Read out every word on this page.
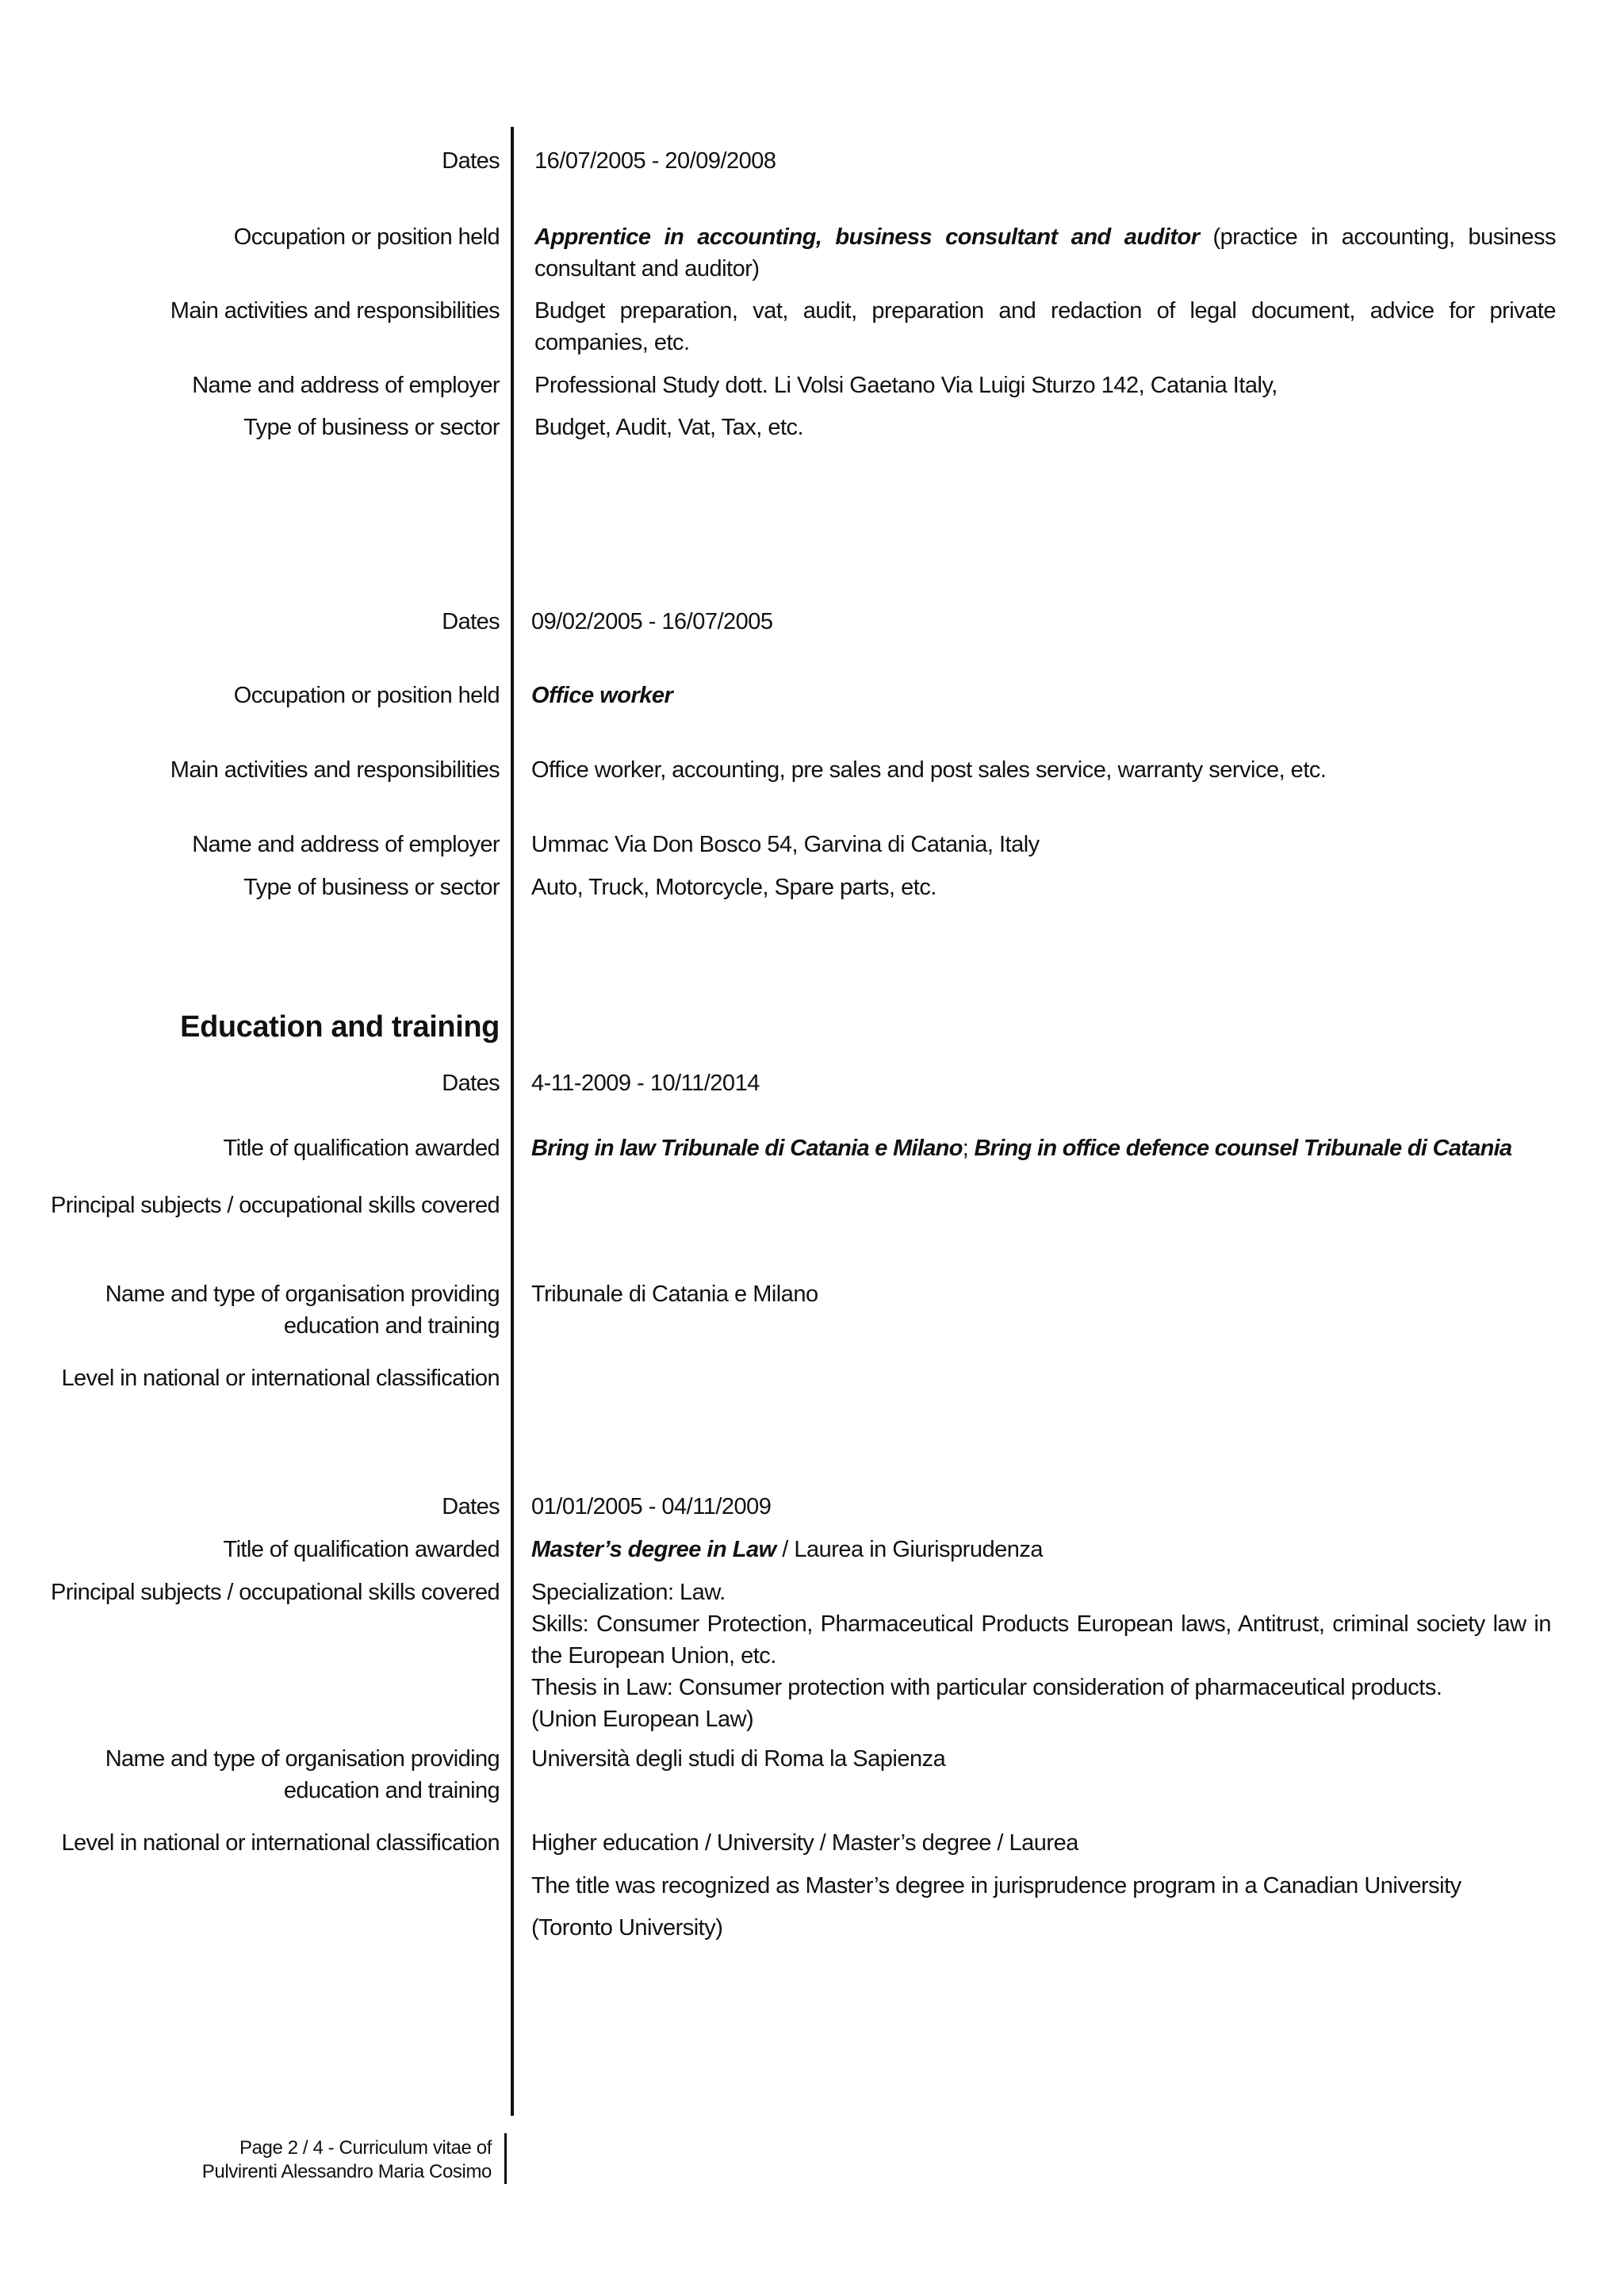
Dates 16/07/2005 - 20/09/2008
Occupation or position held Apprentice in accounting, business consultant and auditor (practice in accounting, business consultant and auditor)
Main activities and responsibilities Budget preparation, vat, audit, preparation and redaction of legal document, advice for private companies, etc.
Name and address of employer Professional Study dott. Li Volsi Gaetano Via Luigi Sturzo 142, Catania Italy,
Type of business or sector Budget, Audit, Vat, Tax, etc.
Dates 09/02/2005 - 16/07/2005
Occupation or position held Office worker
Main activities and responsibilities Office worker, accounting, pre sales and post sales service, warranty service, etc.
Name and address of employer Ummac Via Don Bosco 54, Garvina di Catania, Italy
Type of business or sector Auto, Truck, Motorcycle, Spare parts, etc.
Education and training
Dates 4-11-2009 - 10/11/2014
Title of qualification awarded Bring in law Tribunale di Catania e Milano; Bring in office defence counsel Tribunale di Catania
Principal subjects / occupational skills covered
Name and type of organisation providing education and training
Tribunale di Catania e Milano
Level in national or international classification
Dates 01/01/2005 - 04/11/2009
Title of qualification awarded Master’s degree in Law / Laurea in Giurisprudenza
Principal subjects / occupational skills covered Specialization: Law.
Skills: Consumer Protection, Pharmaceutical Products European laws, Antitrust, criminal society law in the European Union, etc.
Thesis in Law: Consumer protection with particular consideration of pharmaceutical products.
(Union European Law)
Name and type of organisation providing education and training
Università degli studi di Roma la Sapienza
Level in national or international classification Higher education / University / Master’s degree / Laurea
The title was recognized as Master’s degree in jurisprudence program in a Canadian University
(Toronto University)
Page 2 / 4 - Curriculum vitae of
Pulvirenti Alessandro Maria Cosimo
